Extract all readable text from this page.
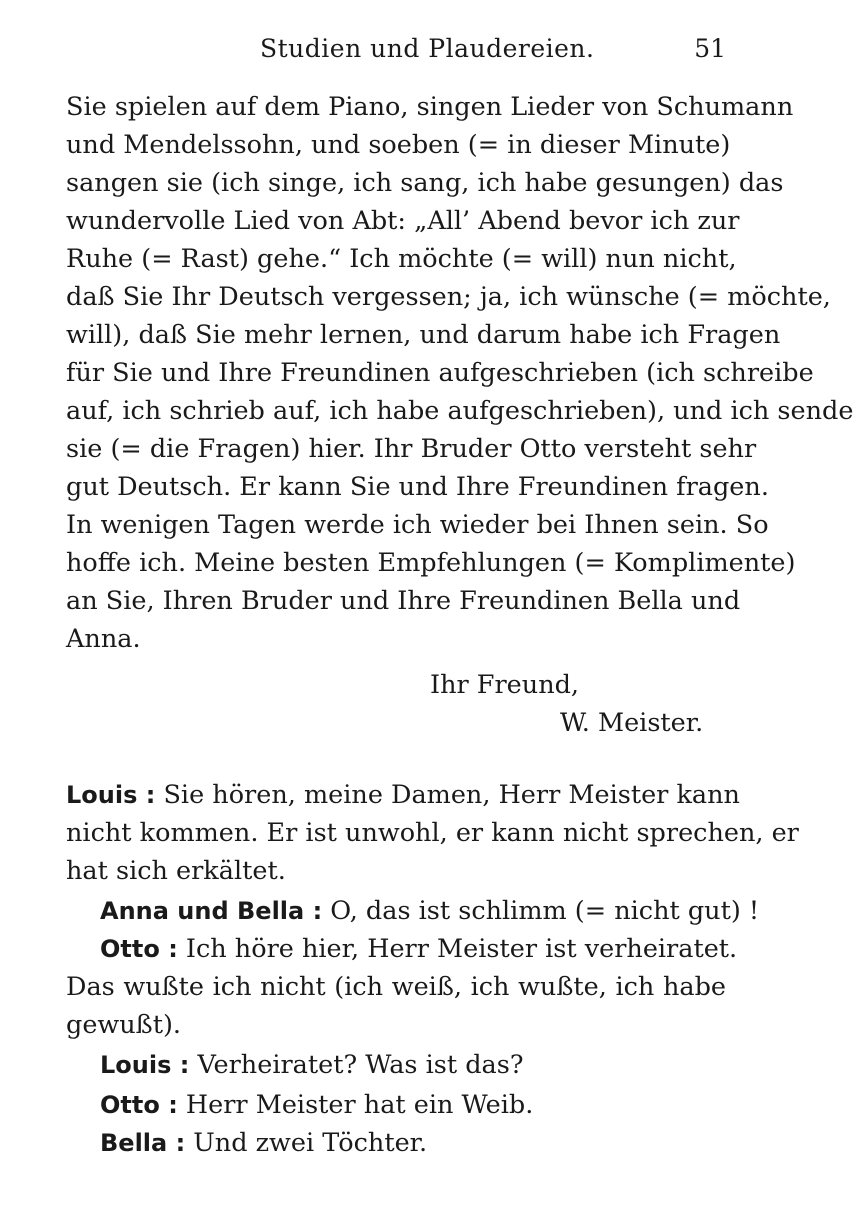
Studien und Plaudereien.	51
Sie spielen auf dem Piano, singen Lieder von Schumann
und Mendelssohn, und soeben (= in dieser Minute)
sangen sie (ich singe, ich sang, ich habe gesungen) das
wundervolle Lied von Abt: „All’ Abend bevor ich zur
Ruhe (= Rast) gehe.“ Ich möchte (= will) nun nicht,
daß Sie Ihr Deutsch vergessen; ja, ich wünsche (= möchte,
will), daß Sie mehr lernen, und darum habe ich Fragen
für Sie und Ihre Freundinen aufgeschrieben (ich schreibe
auf, ich schrieb auf, ich habe aufgeschrieben), und ich sende
sie (= die Fragen) hier. Ihr Bruder Otto versteht sehr
gut Deutsch. Er kann Sie und Ihre Freundinen fragen.
In wenigen Tagen werde ich wieder bei Ihnen sein. So
hoffe ich. Meine besten Empfehlungen (= Komplimente)
an Sie, Ihren Bruder und Ihre Freundinen Bella und
Anna.
Ihr Freund,
W. Meister.
Louis : Sie hören, meine Damen, Herr Meister kann
nicht kommen. Er ist unwohl, er kann nicht sprechen, er
hat sich erkältet.
Anna und Bella : O, das ist schlimm (= nicht gut) !
Otto : Ich höre hier, Herr Meister ist verheiratet.
Das wußte ich nicht (ich weiß, ich wußte, ich habe
gewußt).
Louis : Verheiratet? Was ist das?
Otto : Herr Meister hat ein Weib.
Bella : Und zwei Töchter.
